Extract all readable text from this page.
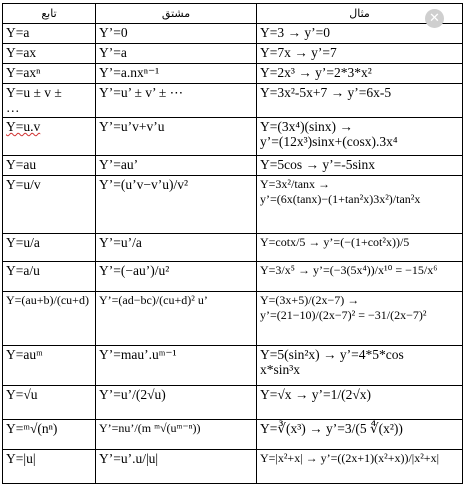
تابع	مشتق	مثال

Y=a	Y’=0	Y=3 → y’=0

Y=ax	Y’=a	Y=7x → y’=7

Y=axⁿ	Y’=a.nxⁿ⁻¹	Y=2x³ → y’=2*3*x²

Y=u ± v ±
…	Y’=u’ ± v’ ± ⋯	Y=3x²-5x+7 → y’=6x-5

Y=u.v	Y’=u’v+v’u	Y=(3x⁴)(sinx) →
y’=(12x³)sinx+(cosx).3x⁴

Y=au	Y’=au’	Y=5cos → y’=-5sinx

Y=u/v	Y’=(u’v−v’u)/v²	Y=3x²/tanx →
y’=(6x(tanx)−(1+tan²x)3x²)/tan²x

Y=u/a	Y’=u’/a	Y=cotx/5 → y’=(−(1+cot²x))/5

Y=a/u	Y’=(−au’)/u²	Y=3/x⁵ → y’=(−3(5x⁴))/x¹⁰ = −15/x⁶

Y=(au+b)/(cu+d)	Y’=(ad−bc)/(cu+d)² u’	Y=(3x+5)/(2x−7) →
y’=(21−10)/(2x−7)² = −31/(2x−7)²

Y=auᵐ	Y’=mau’.uᵐ⁻¹	Y=5(sin²x) → y’=4*5*cos
x*sin³x

Y=√u	Y’=u’/(2√u)	Y=√x → y’=1/(2√x)

Y=ᵐ√(nⁿ)	Y’=nu’/(m ᵐ√(uᵐ⁻ⁿ))	Y=∛(x³) → y’=3/(5 ∜(x²))

Y=|u|	Y’=u’.u/|u|	Y=|x²+x| → y’=((2x+1)(x²+x))/|x²+x|
✕
